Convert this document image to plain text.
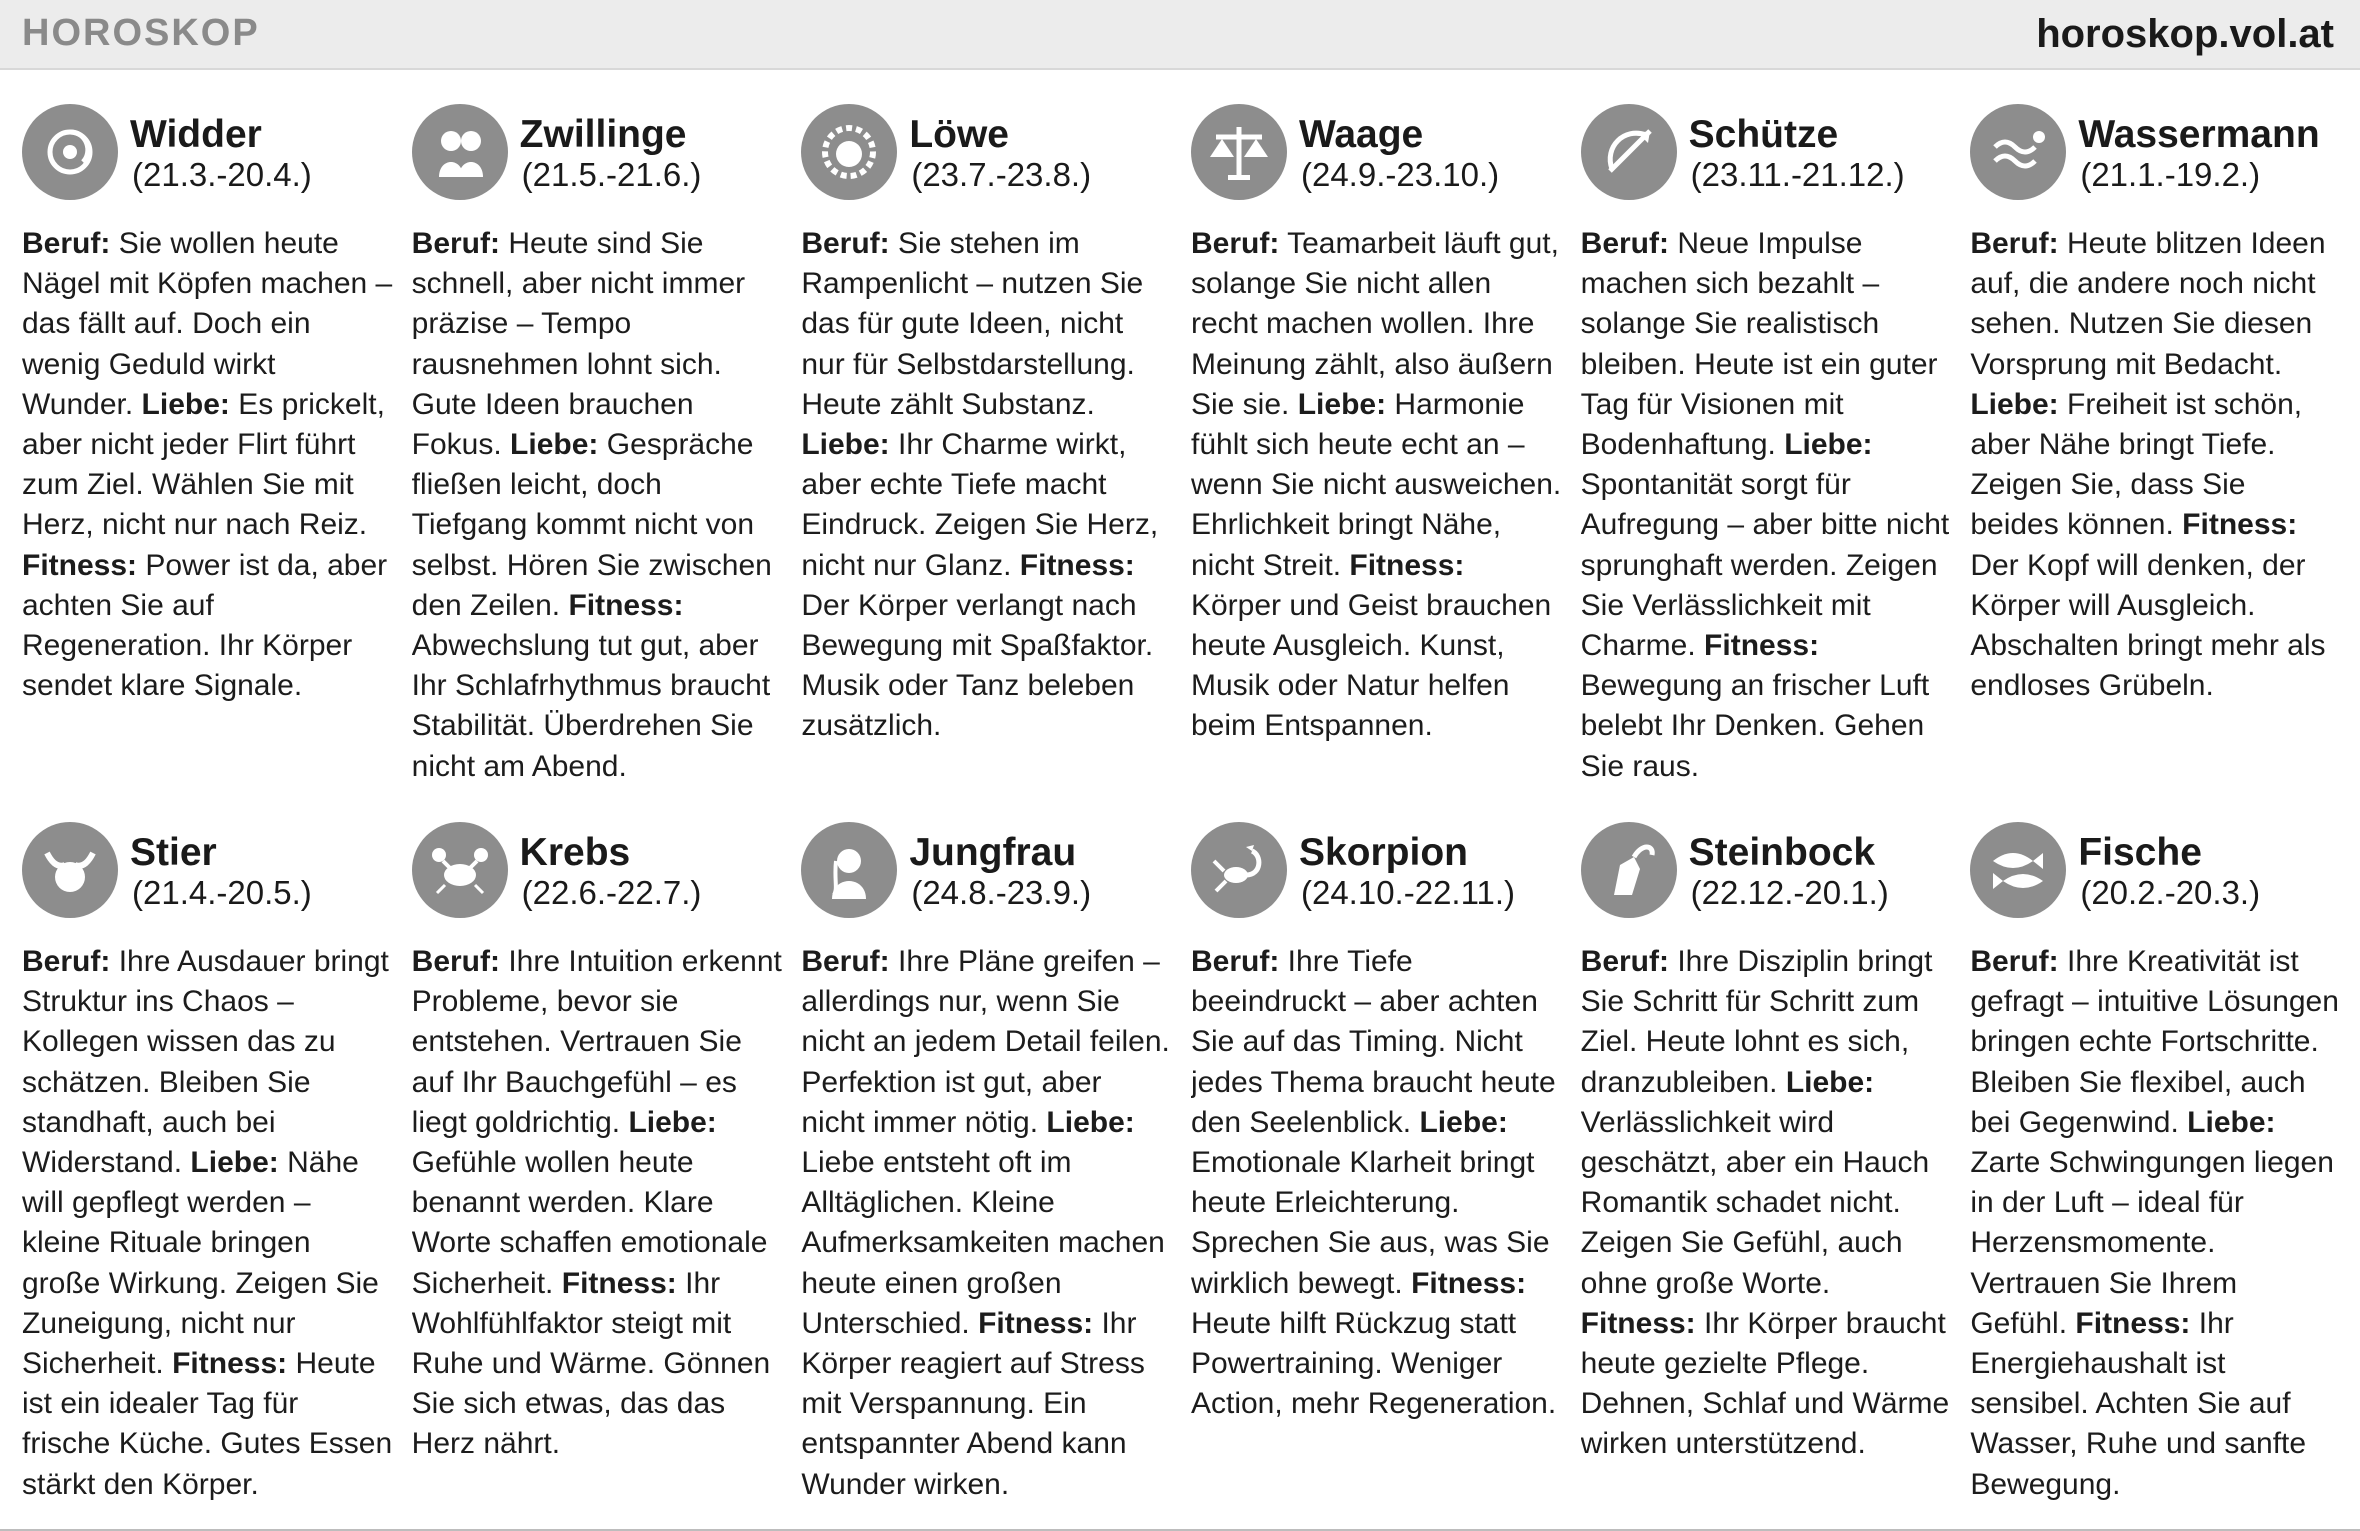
HOROSKOP	horoskop.vol.at
Widder
(21.3.-20.4.)
Beruf: Sie wollen heute Nägel mit Köpfen machen – das fällt auf. Doch ein wenig Geduld wirkt Wunder. Liebe: Es prickelt, aber nicht jeder Flirt führt zum Ziel. Wählen Sie mit Herz, nicht nur nach Reiz. Fitness: Power ist da, aber achten Sie auf Regeneration. Ihr Körper sendet klare Signale.
Zwillinge
(21.5.-21.6.)
Beruf: Heute sind Sie schnell, aber nicht immer präzise – Tempo rausnehmen lohnt sich. Gute Ideen brauchen Fokus. Liebe: Gespräche fließen leicht, doch Tiefgang kommt nicht von selbst. Hören Sie zwischen den Zeilen. Fitness: Abwechslung tut gut, aber Ihr Schlafrhythmus braucht Stabilität. Überdrehen Sie nicht am Abend.
Löwe
(23.7.-23.8.)
Beruf: Sie stehen im Rampenlicht – nutzen Sie das für gute Ideen, nicht nur für Selbstdarstellung. Heute zählt Substanz. Liebe: Ihr Charme wirkt, aber echte Tiefe macht Eindruck. Zeigen Sie Herz, nicht nur Glanz. Fitness: Der Körper verlangt nach Bewegung mit Spaßfaktor. Musik oder Tanz beleben zusätzlich.
Waage
(24.9.-23.10.)
Beruf: Teamarbeit läuft gut, solange Sie nicht allen recht machen wollen. Ihre Meinung zählt, also äußern Sie sie. Liebe: Harmonie fühlt sich heute echt an – wenn Sie nicht ausweichen. Ehrlichkeit bringt Nähe, nicht Streit. Fitness: Körper und Geist brauchen heute Ausgleich. Kunst, Musik oder Natur helfen beim Entspannen.
Schütze
(23.11.-21.12.)
Beruf: Neue Impulse machen sich bezahlt – solange Sie realistisch bleiben. Heute ist ein guter Tag für Visionen mit Bodenhaftung. Liebe: Spontanität sorgt für Aufregung – aber bitte nicht sprunghaft werden. Zeigen Sie Verlässlichkeit mit Charme. Fitness: Bewegung an frischer Luft belebt Ihr Denken. Gehen Sie raus.
Wassermann
(21.1.-19.2.)
Beruf: Heute blitzen Ideen auf, die andere noch nicht sehen. Nutzen Sie diesen Vorsprung mit Bedacht. Liebe: Freiheit ist schön, aber Nähe bringt Tiefe. Zeigen Sie, dass Sie beides können. Fitness: Der Kopf will denken, der Körper will Ausgleich. Abschalten bringt mehr als endloses Grübeln.
Stier
(21.4.-20.5.)
Beruf: Ihre Ausdauer bringt Struktur ins Chaos – Kollegen wissen das zu schätzen. Bleiben Sie standhaft, auch bei Widerstand. Liebe: Nähe will gepflegt werden – kleine Rituale bringen große Wirkung. Zeigen Sie Zuneigung, nicht nur Sicherheit. Fitness: Heute ist ein idealer Tag für frische Küche. Gutes Essen stärkt den Körper.
Krebs
(22.6.-22.7.)
Beruf: Ihre Intuition erkennt Probleme, bevor sie entstehen. Vertrauen Sie auf Ihr Bauchgefühl – es liegt goldrichtig. Liebe: Gefühle wollen heute benannt werden. Klare Worte schaffen emotionale Sicherheit. Fitness: Ihr Wohlfühlfaktor steigt mit Ruhe und Wärme. Gönnen Sie sich etwas, das das Herz nährt.
Jungfrau
(24.8.-23.9.)
Beruf: Ihre Pläne greifen – allerdings nur, wenn Sie nicht an jedem Detail feilen. Perfektion ist gut, aber nicht immer nötig. Liebe: Liebe entsteht oft im Alltäglichen. Kleine Aufmerksamkeiten machen heute einen großen Unterschied. Fitness: Ihr Körper reagiert auf Stress mit Verspannung. Ein entspannter Abend kann Wunder wirken.
Skorpion
(24.10.-22.11.)
Beruf: Ihre Tiefe beeindruckt – aber achten Sie auf das Timing. Nicht jedes Thema braucht heute den Seelenblick. Liebe: Emotionale Klarheit bringt heute Erleichterung. Sprechen Sie aus, was Sie wirklich bewegt. Fitness: Heute hilft Rückzug statt Powertraining. Weniger Action, mehr Regeneration.
Steinbock
(22.12.-20.1.)
Beruf: Ihre Disziplin bringt Sie Schritt für Schritt zum Ziel. Heute lohnt es sich, dranzubleiben. Liebe: Verlässlichkeit wird geschätzt, aber ein Hauch Romantik schadet nicht. Zeigen Sie Gefühl, auch ohne große Worte. Fitness: Ihr Körper braucht heute gezielte Pflege. Dehnen, Schlaf und Wärme wirken unterstützend.
Fische
(20.2.-20.3.)
Beruf: Ihre Kreativität ist gefragt – intuitive Lösungen bringen echte Fortschritte. Bleiben Sie flexibel, auch bei Gegenwind. Liebe: Zarte Schwingungen liegen in der Luft – ideal für Herzensmomente. Vertrauen Sie Ihrem Gefühl. Fitness: Ihr Energiehaushalt ist sensibel. Achten Sie auf Wasser, Ruhe und sanfte Bewegung.
